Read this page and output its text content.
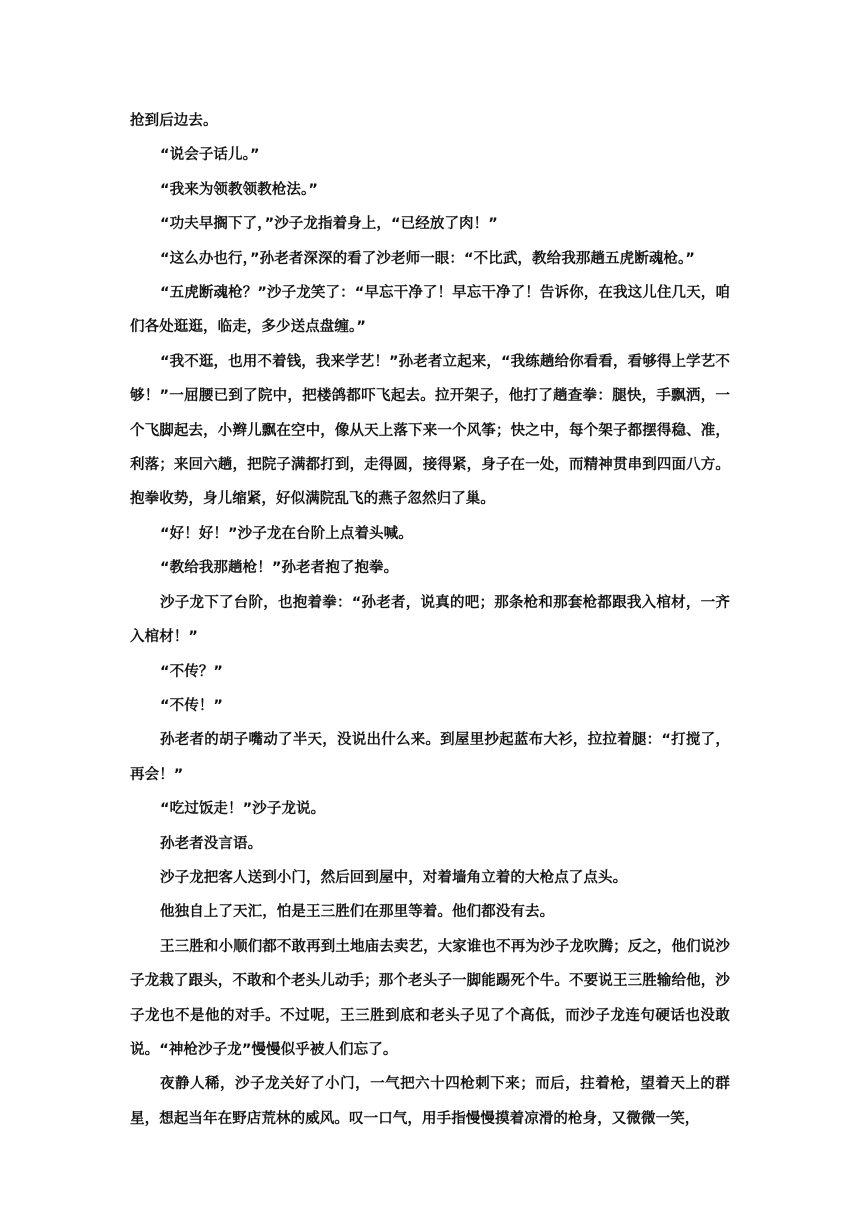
抢到后边去。

“说会子话儿。”

“我来为领教领教枪法。”

“功夫早搁下了，”沙子龙指着身上，“已经放了肉！”

“这么办也行，”孙老者深深的看了沙老师一眼：“不比武，教给我那趟五虎断魂枪。”

“五虎断魂枪？”沙子龙笑了：“早忘干净了！早忘干净了！告诉你，在我这儿住几天，咱们各处逛逛，临走，多少送点盘缠。”

“我不逛，也用不着钱，我来学艺！”孙老者立起来，“我练趟给你看看，看够得上学艺不够！”一屈腰已到了院中，把楼鸽都吓飞起去。拉开架子，他打了趟查拳：腿快，手飘洒，一个飞脚起去，小辫儿飘在空中，像从天上落下来一个风筝；快之中，每个架子都摆得稳、准，利落；来回六趟，把院子满都打到，走得圆，接得紧，身子在一处，而精神贯串到四面八方。抱拳收势，身儿缩紧，好似满院乱飞的燕子忽然归了巢。

“好！好！”沙子龙在台阶上点着头喊。

“教给我那趟枪！”孙老者抱了抱拳。

沙子龙下了台阶，也抱着拳：“孙老者，说真的吧；那条枪和那套枪都跟我入棺材，一齐入棺材！”

“不传？”

“不传！”

孙老者的胡子嘴动了半天，没说出什么来。到屋里抄起蓝布大衫，拉拉着腿：“打搅了，再会！”

“吃过饭走！”沙子龙说。

孙老者没言语。

沙子龙把客人送到小门，然后回到屋中，对着墙角立着的大枪点了点头。

他独自上了天汇，怕是王三胜们在那里等着。他们都没有去。

王三胜和小顺们都不敢再到土地庙去卖艺，大家谁也不再为沙子龙吹腾；反之，他们说沙子龙栽了跟头，不敢和个老头儿动手；那个老头子一脚能踢死个牛。不要说王三胜输给他，沙子龙也不是他的对手。不过呢，王三胜到底和老头子见了个高低，而沙子龙连句硬话也没敢说。“神枪沙子龙”慢慢似乎被人们忘了。

夜静人稀，沙子龙关好了小门，一气把六十四枪刺下来；而后，拄着枪，望着天上的群星，想起当年在野店荒林的威风。叹一口气，用手指慢慢摸着凉滑的枪身，又微微一笑，
